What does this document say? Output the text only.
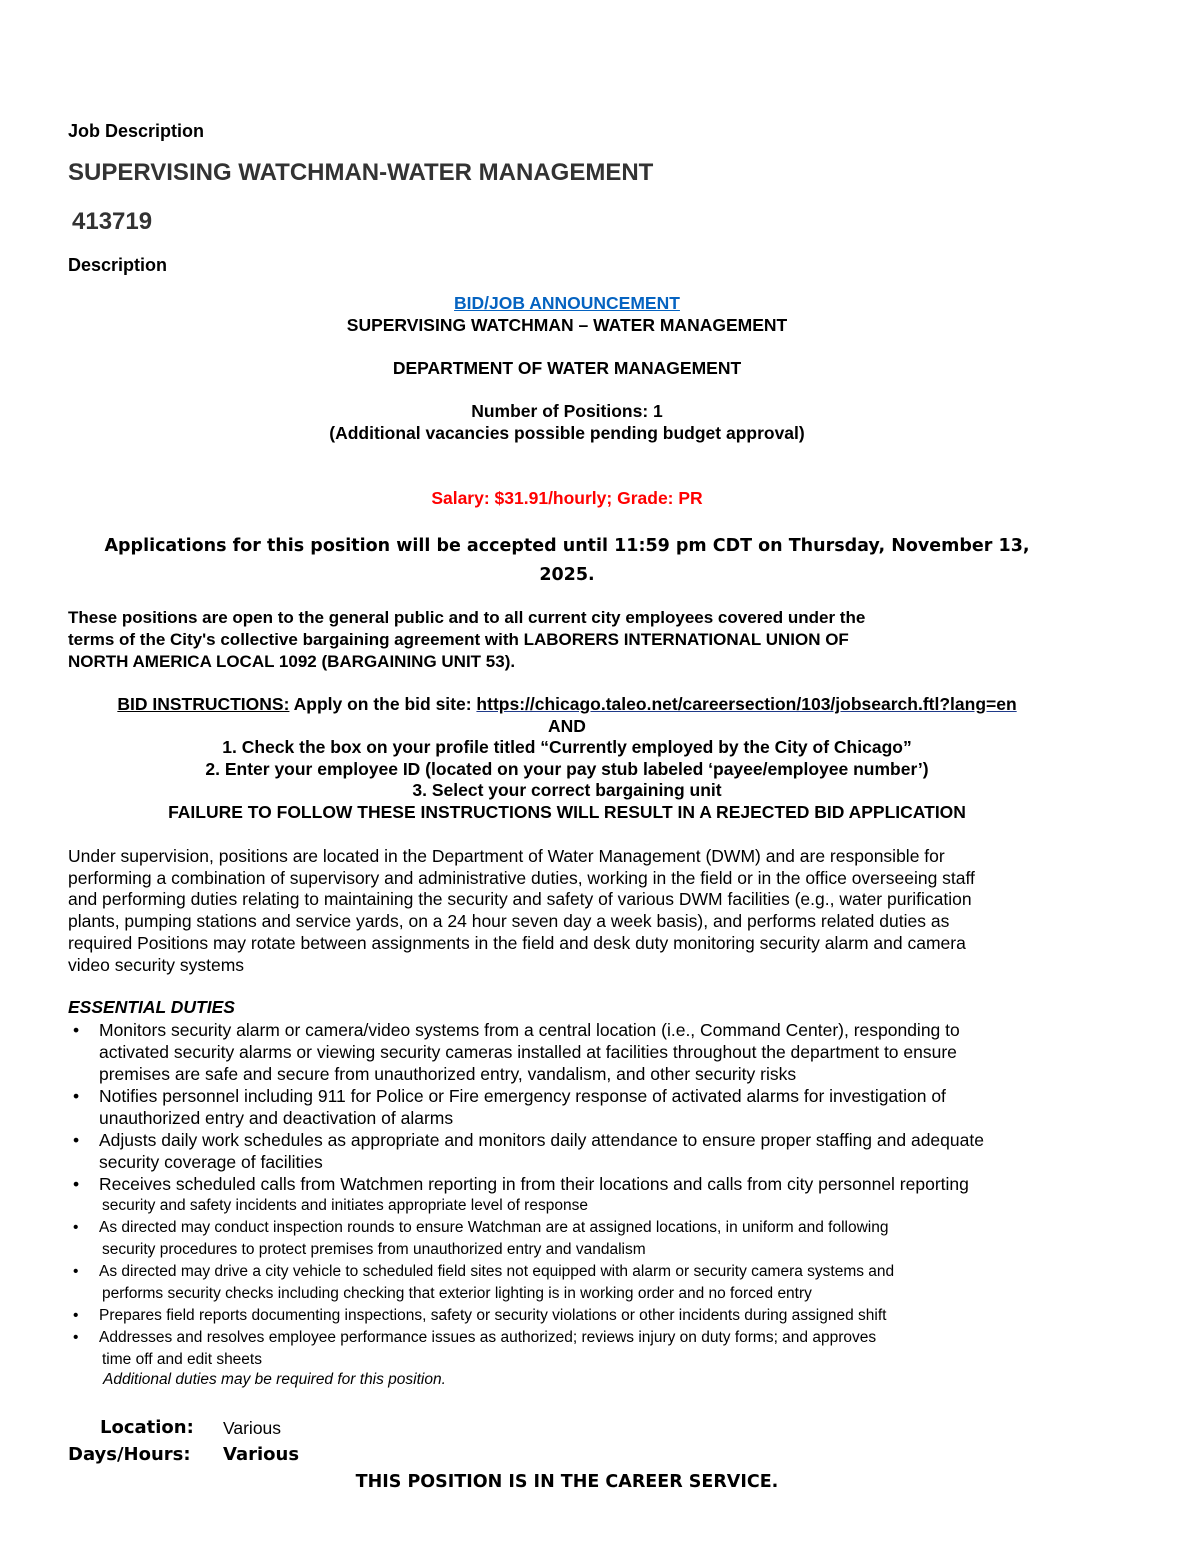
Job Description
SUPERVISING WATCHMAN-WATER MANAGEMENT
413719
Description
BID/JOB ANNOUNCEMENT
SUPERVISING WATCHMAN – WATER MANAGEMENT
DEPARTMENT OF WATER MANAGEMENT
Number of Positions: 1
(Additional vacancies possible pending budget approval)
Salary: $31.91/hourly; Grade: PR
Applications for this position will be accepted until 11:59 pm CDT on Thursday, November 13,
2025.
These positions are open to the general public and to all current city employees covered under the
terms of the City's collective bargaining agreement with LABORERS INTERNATIONAL UNION OF
NORTH AMERICA LOCAL 1092 (BARGAINING UNIT 53).
BID INSTRUCTIONS: Apply on the bid site: https://chicago.taleo.net/careersection/103/jobsearch.ftl?lang=en
AND
1. Check the box on your profile titled “Currently employed by the City of Chicago”
2. Enter your employee ID (located on your pay stub labeled ‘payee/employee number’)
3. Select your correct bargaining unit
FAILURE TO FOLLOW THESE INSTRUCTIONS WILL RESULT IN A REJECTED BID APPLICATION
Under supervision, positions are located in the Department of Water Management (DWM) and are responsible for
performing a combination of supervisory and administrative duties, working in the field or in the office overseeing staff
and performing duties relating to maintaining the security and safety of various DWM facilities (e.g., water purification
plants, pumping stations and service yards, on a 24 hour seven day a week basis), and performs related duties as
required Positions may rotate between assignments in the field and desk duty monitoring security alarm and camera
video security systems
ESSENTIAL DUTIES
• Monitors security alarm or camera/video systems from a central location (i.e., Command Center), responding to
activated security alarms or viewing security cameras installed at facilities throughout the department to ensure
premises are safe and secure from unauthorized entry, vandalism, and other security risks
• Notifies personnel including 911 for Police or Fire emergency response of activated alarms for investigation of
unauthorized entry and deactivation of alarms
• Adjusts daily work schedules as appropriate and monitors daily attendance to ensure proper staffing and adequate
security coverage of facilities
• Receives scheduled calls from Watchmen reporting in from their locations and calls from city personnel reporting
security and safety incidents and initiates appropriate level of response
• As directed may conduct inspection rounds to ensure Watchman are at assigned locations, in uniform and following
security procedures to protect premises from unauthorized entry and vandalism
• As directed may drive a city vehicle to scheduled field sites not equipped with alarm or security camera systems and
performs security checks including checking that exterior lighting is in working order and no forced entry
• Prepares field reports documenting inspections, safety or security violations or other incidents during assigned shift
• Addresses and resolves employee performance issues as authorized; reviews injury on duty forms; and approves
time off and edit sheets
Additional duties may be required for this position.
Location: Various
Days/Hours: Various
THIS POSITION IS IN THE CAREER SERVICE.
